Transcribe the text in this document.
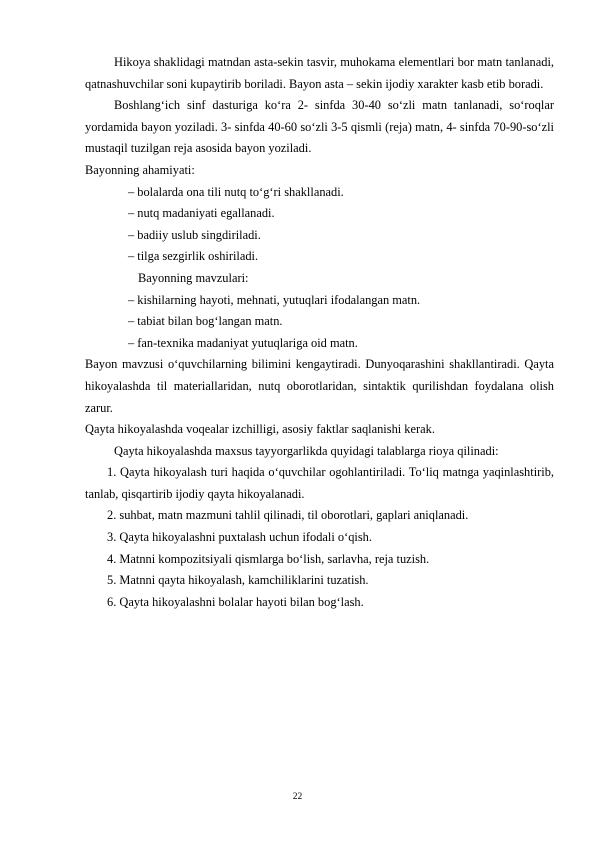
Hikoya shaklidagi matndan asta-sekin tasvir, muhokama elementlari bor matn tanlanadi, qatnashuvchilar soni kupaytirib boriladi. Bayon asta – sekin ijodiy xarakter kasb etib boradi.

Boshlang‘ich sinf dasturiga ko‘ra 2- sinfda 30-40 so‘zli matn tanlanadi, so‘roqlar yordamida bayon yoziladi. 3- sinfda 40-60 so‘zli 3-5 qismli (reja) matn, 4- sinfda 70-90-so‘zli mustaqil tuzilgan reja asosida bayon yoziladi.

Bayonning ahamiyati:

– bolalarda ona tili nutq to‘g‘ri shakllanadi.

– nutq madaniyati egallanadi.

– badiiy uslub singdiriladi.

– tilga sezgirlik oshiriladi.

Bayonning mavzulari:

– kishilarning hayoti, mehnati, yutuqlari ifodalangan matn.

– tabiat bilan bog‘langan matn.

– fan-texnika madaniyat yutuqlariga oid matn.

Bayon mavzusi o‘quvchilarning bilimini kengaytiradi. Dunyoqarashini shakllantiradi. Qayta hikoyalashda til materiallaridan, nutq oborotlaridan, sintaktik qurilishdan foydalana olish zarur.

Qayta hikoyalashda voqealar izchilligi, asosiy faktlar saqlanishi kerak.

Qayta hikoyalashda maxsus tayyorgarlikda quyidagi talablarga rioya qilinadi:

1. Qayta hikoyalash turi haqida o‘quvchilar ogohlantiriladi. To‘liq matnga yaqinlashtirib, tanlab, qisqartirib ijodiy qayta hikoyalanadi.

2. suhbat, matn mazmuni tahlil qilinadi, til oborotlari, gaplari aniqlanadi.

3. Qayta hikoyalashni puxtalash uchun ifodali o‘qish.

4. Matnni kompozitsiyali qismlarga bo‘lish, sarlavha, reja tuzish.

5. Matnni qayta hikoyalash, kamchiliklarini tuzatish.

6. Qayta hikoyalashni bolalar hayoti bilan bog‘lash.

22
